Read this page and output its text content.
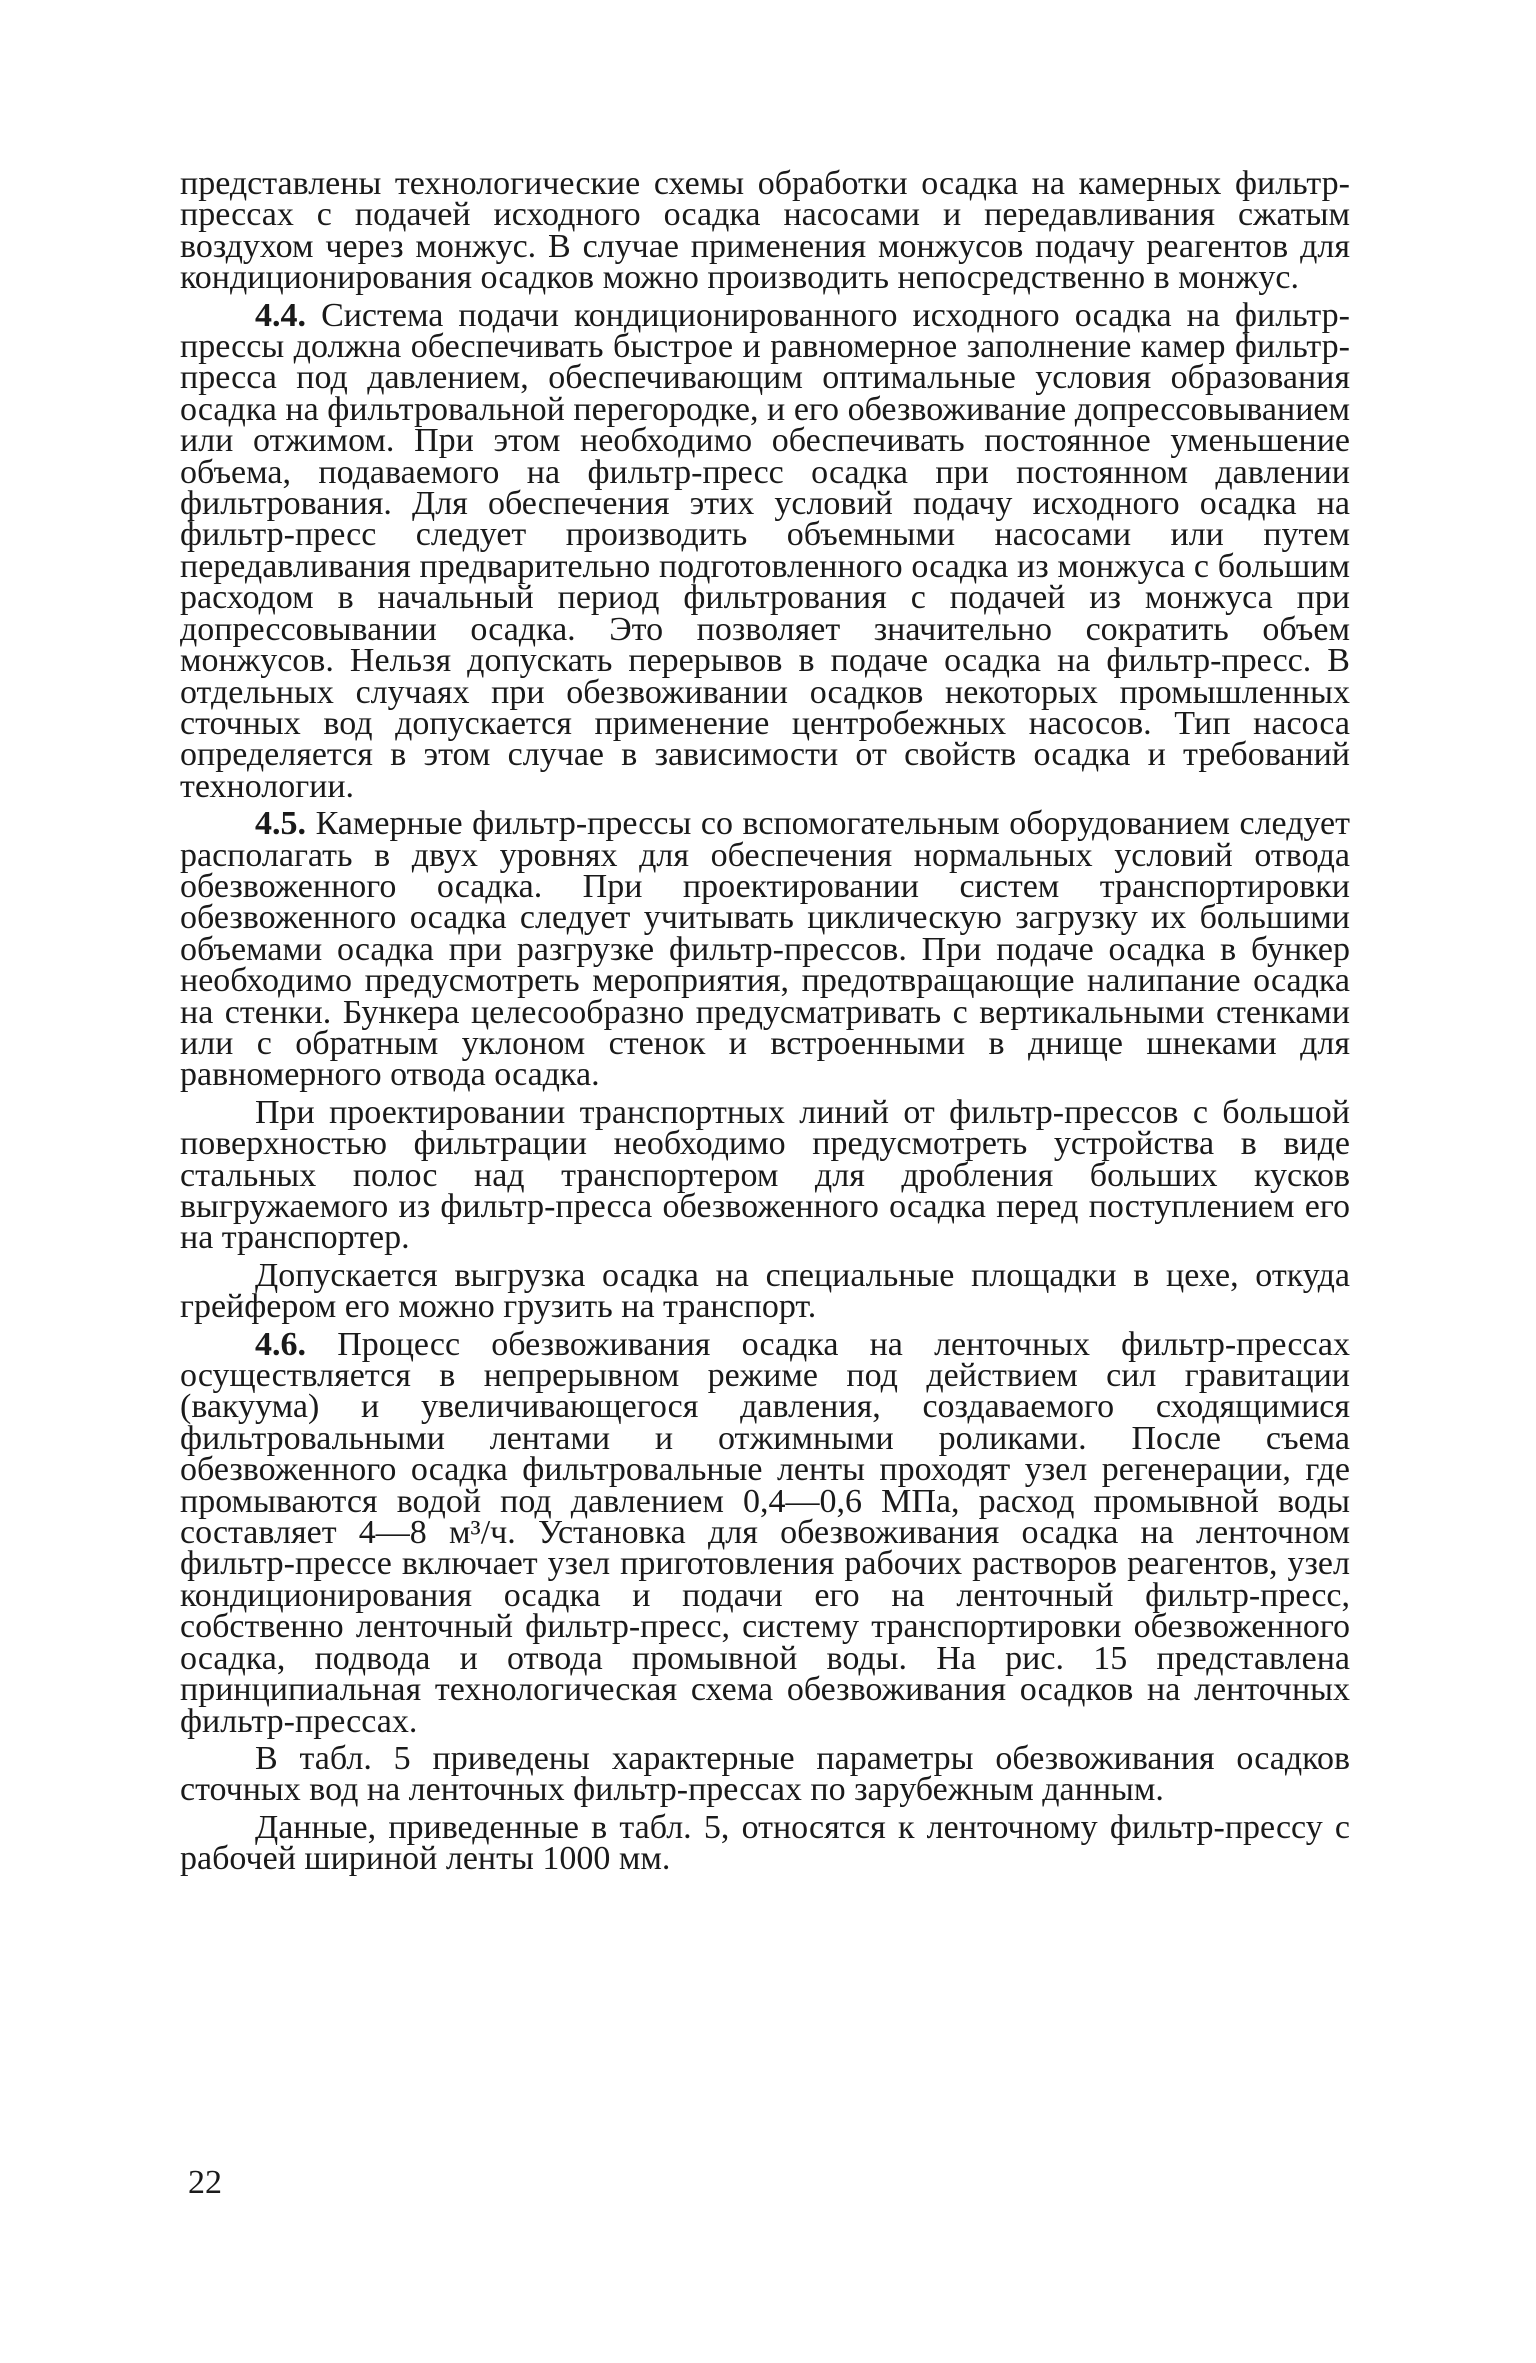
представлены технологические схемы обработки осадка на камерных фильтр-прессах с подачей исходного осадка насосами и передавливания сжатым воздухом через монжус. В случае применения монжусов подачу реагентов для кондиционирования осадков можно производить непосредственно в монжус.

4.4. Система подачи кондиционированного исходного осадка на фильтр-прессы должна обеспечивать быстрое и равномерное заполнение камер фильтр-пресса под давлением, обеспечивающим оптимальные условия образования осадка на фильтровальной перегородке, и его обезвоживание допрессовыванием или отжимом. При этом необходимо обеспечивать постоянное уменьшение объема, подаваемого на фильтр-пресс осадка при постоянном давлении фильтрования. Для обеспечения этих условий подачу исходного осадка на фильтр-пресс следует производить объемными насосами или путем передавливания предварительно подготовленного осадка из монжуса с большим расходом в начальный период фильтрования с подачей из монжуса при допрессовывании осадка. Это позволяет значительно сократить объем монжусов. Нельзя допускать перерывов в подаче осадка на фильтр-пресс. В отдельных случаях при обезвоживании осадков некоторых промышленных сточных вод допускается применение центробежных насосов. Тип насоса определяется в этом случае в зависимости от свойств осадка и требований технологии.

4.5. Камерные фильтр-прессы со вспомогательным оборудованием следует располагать в двух уровнях для обеспечения нормальных условий отвода обезвоженного осадка. При проектировании систем транспортировки обезвоженного осадка следует учитывать циклическую загрузку их большими объемами осадка при разгрузке фильтр-прессов. При подаче осадка в бункер необходимо предусмотреть мероприятия, предотвращающие налипание осадка на стенки. Бункера целесообразно предусматривать с вертикальными стенками или с обратным уклоном стенок и встроенными в днище шнеками для равномерного отвода осадка.

При проектировании транспортных линий от фильтр-прессов с большой поверхностью фильтрации необходимо предусмотреть устройства в виде стальных полос над транспортером для дробления больших кусков выгружаемого из фильтр-пресса обезвоженного осадка перед поступлением его на транспортер.

Допускается выгрузка осадка на специальные площадки в цехе, откуда грейфером его можно грузить на транспорт.

4.6. Процесс обезвоживания осадка на ленточных фильтр-прессах осуществляется в непрерывном режиме под действием сил гравитации (вакуума) и увеличивающегося давления, создаваемого сходящимися фильтровальными лентами и отжимными роликами. После съема обезвоженного осадка фильтровальные ленты проходят узел регенерации, где промываются водой под давлением 0,4—0,6 МПа, расход промывной воды составляет 4—8 м³/ч. Установка для обезвоживания осадка на ленточном фильтр-прессе включает узел приготовления рабочих растворов реагентов, узел кондиционирования осадка и подачи его на ленточный фильтр-пресс, собственно ленточный фильтр-пресс, систему транспортировки обезвоженного осадка, подвода и отвода промывной воды. На рис. 15 представлена принципиальная технологическая схема обезвоживания осадков на ленточных фильтр-прессах.

В табл. 5 приведены характерные параметры обезвоживания осадков сточных вод на ленточных фильтр-прессах по зарубежным данным.

Данные, приведенные в табл. 5, относятся к ленточному фильтр-прессу с рабочей шириной ленты 1000 мм.

22
